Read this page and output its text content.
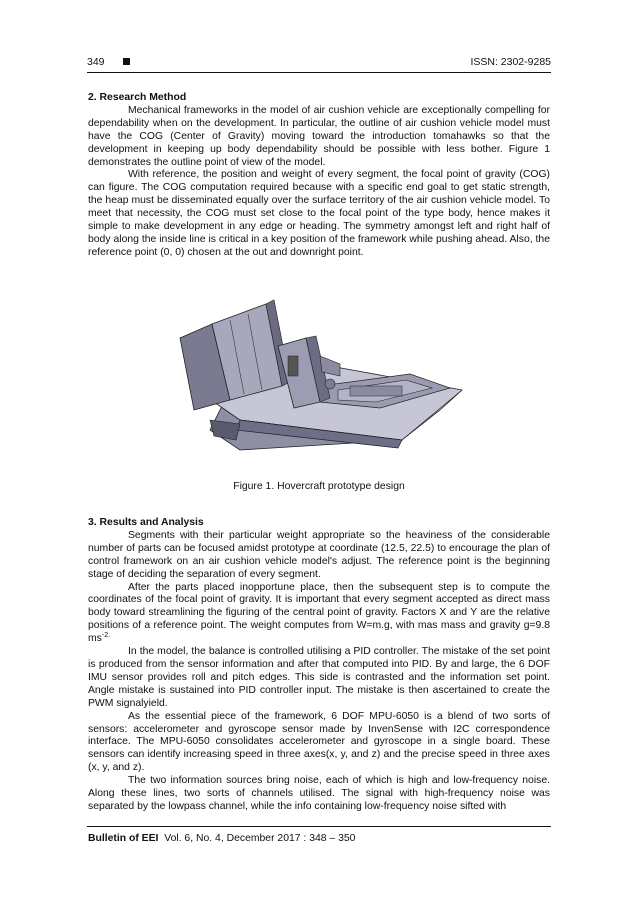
349	ISSN: 2302-9285
2. Research Method

Mechanical frameworks in the model of air cushion vehicle are exceptionally compelling for dependability when on the development. In particular, the outline of air cushion vehicle model must have the COG (Center of Gravity) moving toward the introduction tomahawks so that the development in keeping up body dependability should be possible with less bother. Figure 1 demonstrates the outline point of view of the model.

With reference, the position and weight of every segment, the focal point of gravity (COG) can figure. The COG computation required because with a specific end goal to get static strength, the heap must be disseminated equally over the surface territory of the air cushion vehicle model. To meet that necessity, the COG must set close to the focal point of the type body, hence makes it simple to make development in any edge or heading. The symmetry amongst left and right half of body along the inside line is critical in a key position of the framework while pushing ahead. Also, the reference point (0, 0) chosen at the out and downright point.

Figure 1. Hovercraft prototype design
3. Results and Analysis

Segments with their particular weight appropriate so the heaviness of the considerable number of parts can be focused amidst prototype at coordinate (12.5, 22.5) to encourage the plan of control framework on an air cushion vehicle model's adjust. The reference point is the beginning stage of deciding the separation of every segment.

After the parts placed inopportune place, then the subsequent step is to compute the coordinates of the focal point of gravity. It is important that every segment accepted as direct mass body toward streamlining the figuring of the central point of gravity. Factors X and Y are the relative positions of a reference point. The weight computes from W=m.g, with mas mass and gravity g=9.8 $ms^{-2.}$

In the model, the balance is controlled utilising a PID controller. The mistake of the set point is produced from the sensor information and after that computed into PID. By and large, the 6 DOF IMU sensor provides roll and pitch edges. This side is contrasted and the information set point. Angle mistake is sustained into PID controller input. The mistake is then ascertained to create the PWM signalyield.

As the essential piece of the framework, 6 DOF MPU-6050 is a blend of two sorts of sensors: accelerometer and gyroscope sensor made by InvenSense with I2C correspondence interface. The MPU-6050 consolidates accelerometer and gyroscope in a single board. These sensors can identify increasing speed in three axes(x, y, and z) and the precise speed in three axes (x, y, and z).

The two information sources bring noise, each of which is high and low-frequency noise. Along these lines, two sorts of channels utilised. The signal with high-frequency noise was separated by the lowpass channel, while the info containing low-frequency noise sifted with

Bulletin of EEI Vol. 6, No. 4, December 2017 : 348 – 350
